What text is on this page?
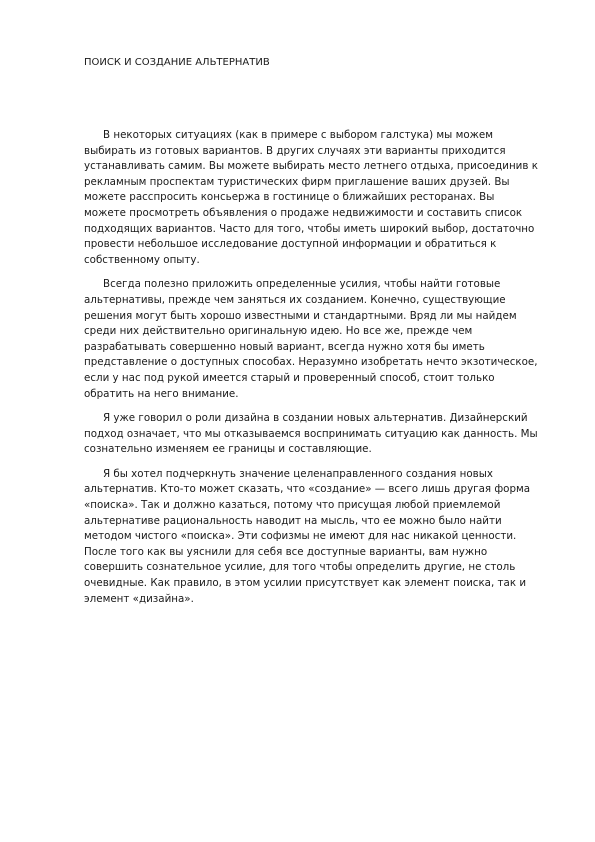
ПОИСК И СОЗДАНИЕ АЛЬТЕРНАТИВ

В некоторых ситуациях (как в примере с выбором галстука) мы можем выбирать из готовых вариантов. В других случаях эти варианты приходится устанавливать самим. Вы можете выбирать место летнего отдыха, присоединив к рекламным проспектам туристических фирм приглашение ваших друзей. Вы можете расспросить консьержа в гостинице о ближайших ресторанах. Вы можете просмотреть объявления о продаже недвижимости и составить список подходящих вариантов. Часто для того, чтобы иметь широкий выбор, достаточно провести небольшое исследование доступной информации и обратиться к собственному опыту.

Всегда полезно приложить определенные усилия, чтобы найти готовые альтернативы, прежде чем заняться их созданием. Конечно, существующие решения могут быть хорошо известными и стандартными. Вряд ли мы найдем среди них действительно оригинальную идею. Но все же, прежде чем разрабатывать совершенно новый вариант, всегда нужно хотя бы иметь представление о доступных способах. Неразумно изобретать нечто экзотическое, если у нас под рукой имеется старый и проверенный способ, стоит только обратить на него внимание.

Я уже говорил о роли дизайна в создании новых альтернатив. Дизайнерский подход означает, что мы отказываемся воспринимать ситуацию как данность. Мы сознательно изменяем ее границы и составляющие.

Я бы хотел подчеркнуть значение целенаправленного создания новых альтернатив. Кто-то может сказать, что «создание» — всего лишь другая форма «поиска». Так и должно казаться, потому что присущая любой приемлемой альтернативе рациональность наводит на мысль, что ее можно было найти методом чистого «поиска». Эти софизмы не имеют для нас никакой ценности. После того как вы уяснили для себя все доступные варианты, вам нужно совершить сознательное усилие, для того чтобы определить другие, не столь очевидные. Как правило, в этом усилии присутствует как элемент поиска, так и элемент «дизайна».
